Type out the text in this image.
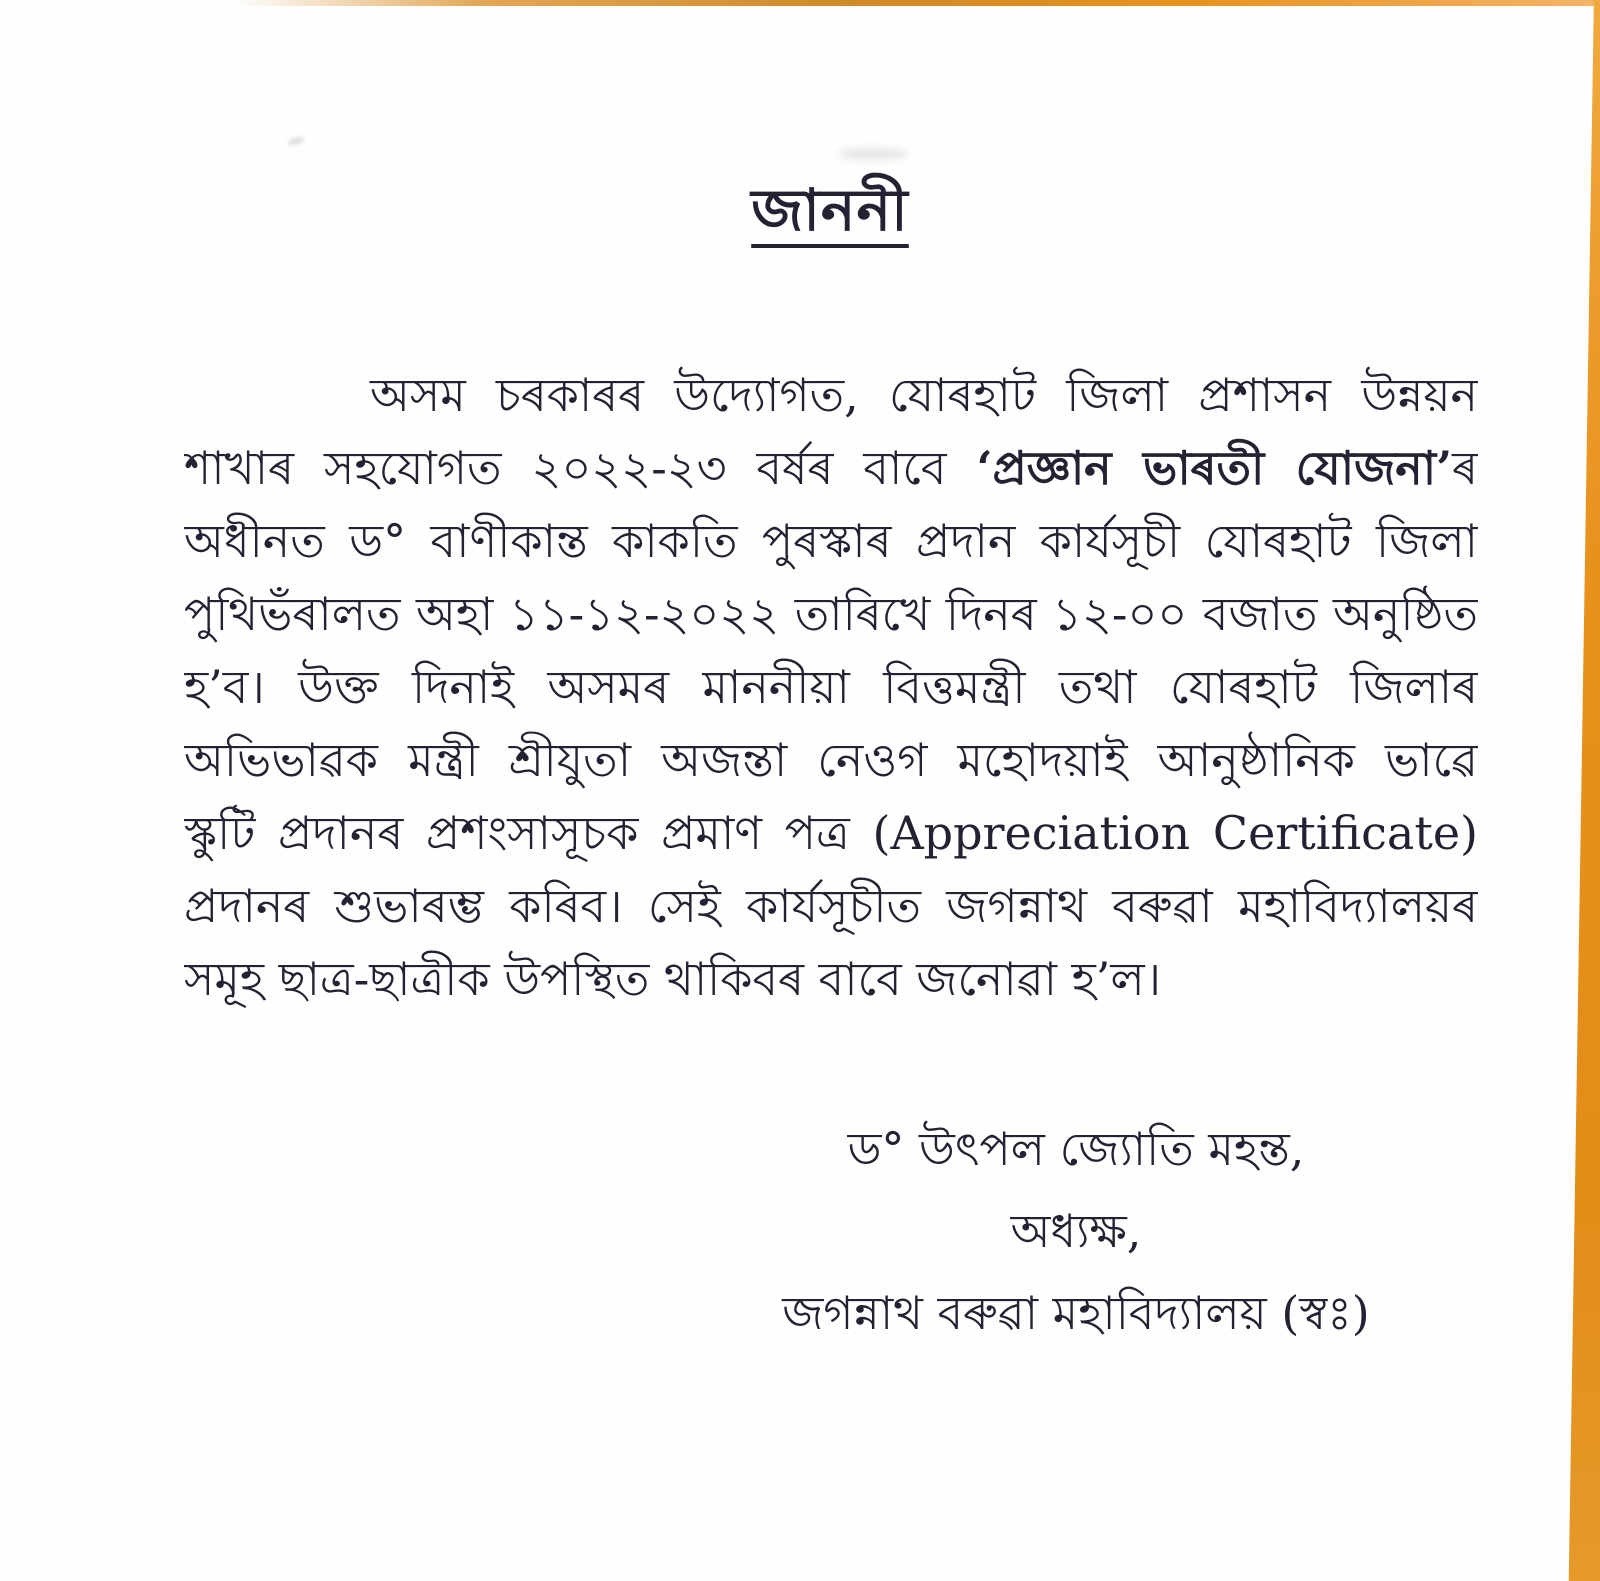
জাননী
অসম চৰকাৰৰ উদ্যোগত, যোৰহাট জিলা প্ৰশাসন উন্নয়ন
শাখাৰ সহযোগত ২০২২-২৩ বৰ্ষৰ বাবে ‘প্ৰজ্ঞান ভাৰতী যোজনা’ৰ
অধীনত ড° বাণীকান্ত কাকতি পুৰস্কাৰ প্ৰদান কাৰ্যসূচী যোৰহাট জিলা
পুথিভঁৰালত অহা ১১-১২-২০২২ তাৰিখে দিনৰ ১২-০০ বজাত অনুষ্ঠিত
হ’ব। উক্ত দিনাই অসমৰ মাননীয়া বিত্তমন্ত্ৰী তথা যোৰহাট জিলাৰ
অভিভাৱক মন্ত্ৰী শ্ৰীযুতা অজন্তা নেওগ মহোদয়াই আনুষ্ঠানিক ভাৱে
স্কুটি প্ৰদানৰ প্ৰশংসাসূচক প্ৰমাণ পত্ৰ (Appreciation Certificate)
প্ৰদানৰ শুভাৰম্ভ কৰিব। সেই কাৰ্যসূচীত জগন্নাথ বৰুৱা মহাবিদ্যালয়ৰ
সমূহ ছাত্ৰ-ছাত্ৰীক উপস্থিত থাকিবৰ বাবে জনোৱা হ’ল।
ড° উৎপল জ্যোতি মহন্ত,
অধ্যক্ষ,
জগন্নাথ বৰুৱা মহাবিদ্যালয় (স্বঃ)
